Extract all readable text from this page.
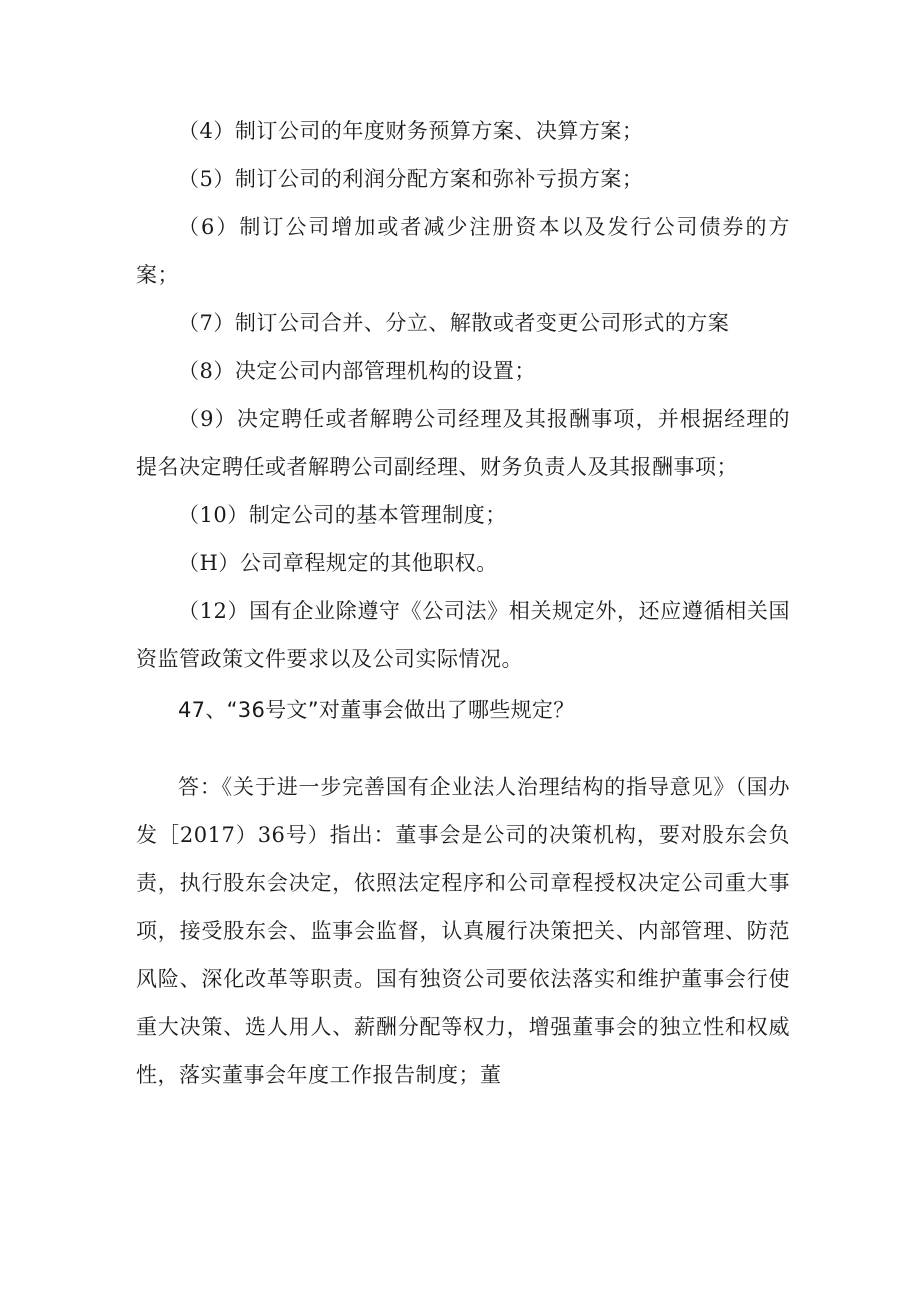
（4）制订公司的年度财务预算方案、决算方案；

（5）制订公司的利润分配方案和弥补亏损方案；

（6）制订公司增加或者减少注册资本以及发行公司债券的方案；

（7）制订公司合并、分立、解散或者变更公司形式的方案

（8）决定公司内部管理机构的设置；

（9）决定聘任或者解聘公司经理及其报酬事项，并根据经理的提名决定聘任或者解聘公司副经理、财务负责人及其报酬事项；

（10）制定公司的基本管理制度；

（H）公司章程规定的其他职权。

（12）国有企业除遵守《公司法》相关规定外，还应遵循相关国资监管政策文件要求以及公司实际情况。

47、“36号文”对董事会做出了哪些规定？

答：《关于进一步完善国有企业法人治理结构的指导意见》（国办发［2017）36号）指出：董事会是公司的决策机构，要对股东会负责，执行股东会决定，依照法定程序和公司章程授权决定公司重大事项，接受股东会、监事会监督，认真履行决策把关、内部管理、防范风险、深化改革等职责。国有独资公司要依法落实和维护董事会行使重大决策、选人用人、薪酬分配等权力，增强董事会的独立性和权威性，落实董事会年度工作报告制度；董
